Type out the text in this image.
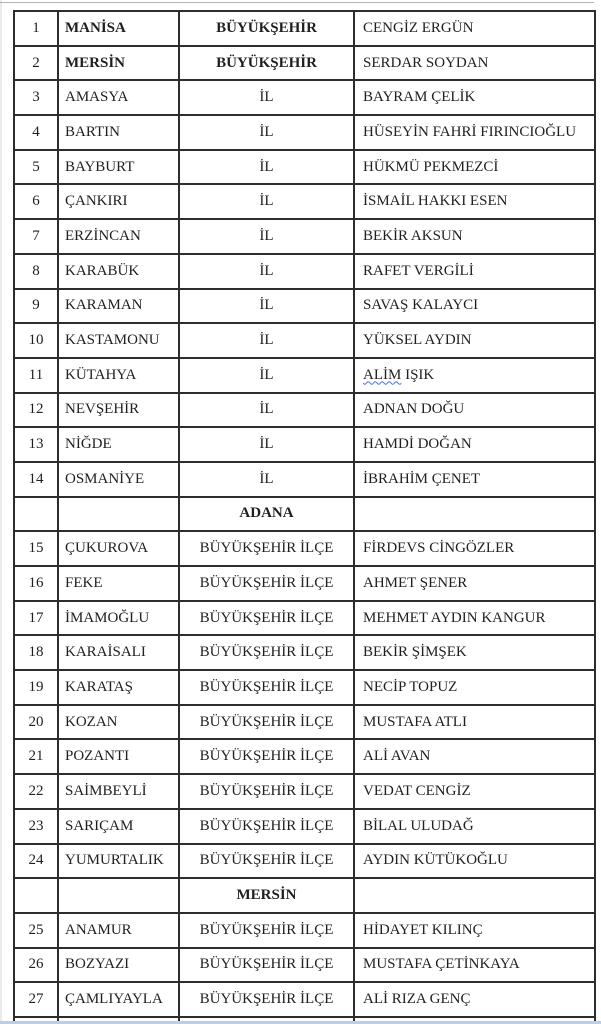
1	MANİSA	BÜYÜKŞEHİR	CENGİZ ERGÜN
2	MERSİN	BÜYÜKŞEHİR	SERDAR SOYDAN
3	AMASYA	İL	BAYRAM ÇELİK
4	BARTIN	İL	HÜSEYİN FAHRİ FIRINCIOĞLU
5	BAYBURT	İL	HÜKMÜ PEKMEZCİ
6	ÇANKIRI	İL	İSMAİL HAKKI ESEN
7	ERZİNCAN	İL	BEKİR AKSUN
8	KARABÜK	İL	RAFET VERGİLİ
9	KARAMAN	İL	SAVAŞ KALAYCI
10	KASTAMONU	İL	YÜKSEL AYDIN
11	KÜTAHYA	İL	ALİM IŞIK
12	NEVŞEHİR	İL	ADNAN DOĞU
13	NİĞDE	İL	HAMDİ DOĞAN
14	OSMANİYE	İL	İBRAHİM ÇENET
		ADANA	
15	ÇUKUROVA	BÜYÜKŞEHİR İLÇE	FİRDEVS CİNGÖZLER
16	FEKE	BÜYÜKŞEHİR İLÇE	AHMET ŞENER
17	İMAMOĞLU	BÜYÜKŞEHİR İLÇE	MEHMET AYDIN KANGUR
18	KARAİSALI	BÜYÜKŞEHİR İLÇE	BEKİR ŞİMŞEK
19	KARATAŞ	BÜYÜKŞEHİR İLÇE	NECİP TOPUZ
20	KOZAN	BÜYÜKŞEHİR İLÇE	MUSTAFA ATLI
21	POZANTI	BÜYÜKŞEHİR İLÇE	ALİ AVAN
22	SAİMBEYLİ	BÜYÜKŞEHİR İLÇE	VEDAT CENGİZ
23	SARIÇAM	BÜYÜKŞEHİR İLÇE	BİLAL ULUDAĞ
24	YUMURTALIK	BÜYÜKŞEHİR İLÇE	AYDIN KÜTÜKOĞLU
		MERSİN	
25	ANAMUR	BÜYÜKŞEHİR İLÇE	HİDAYET KILINÇ
26	BOZYAZI	BÜYÜKŞEHİR İLÇE	MUSTAFA ÇETİNKAYA
27	ÇAMLIYAYLA	BÜYÜKŞEHİR İLÇE	ALİ RIZA GENÇ
